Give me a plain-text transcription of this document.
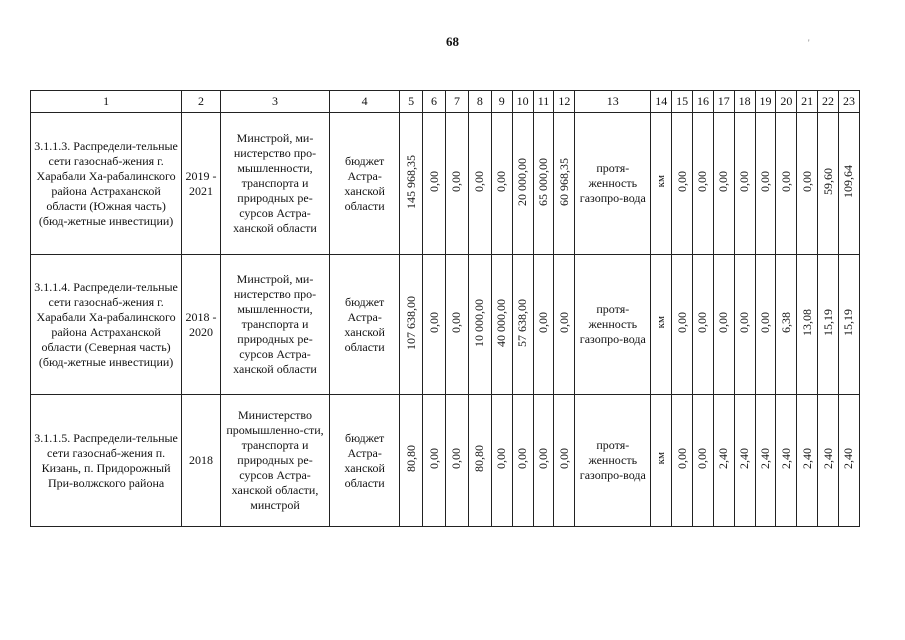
68	'
1	2	3	4	5	6	7	8	9	10	11	12	13	14	15	16	17	18	19	20	21	22	23
3.1.1.3. Распредели-тельные сети газоснаб-жения г. Харабали Ха-рабалинского района Астраханской области (Южная часть) (бюд-жетные инвестиции)	2019 - 2021	Минстрой, ми-нистерство про-мышленности, транспорта и природных ре-сурсов Астра-ханской области	бюджет Астра-ханской области	145 968,35	0,00	0,00	0,00	0,00	20 000,00	65 000,00	60 968,35	протя-женность газопро-вода	км	0,00	0,00	0,00	0,00	0,00	0,00	0,00	59,60	109,64
3.1.1.4. Распредели-тельные сети газоснаб-жения г. Харабали Ха-рабалинского района Астраханской области (Северная часть) (бюд-жетные инвестиции)	2018 - 2020	Минстрой, ми-нистерство про-мышленности, транспорта и природных ре-сурсов Астра-ханской области	бюджет Астра-ханской области	107 638,00	0,00	0,00	10 000,00	40 000,00	57 638,00	0,00	0,00	протя-женность газопро-вода	км	0,00	0,00	0,00	0,00	0,00	6,38	13,08	15,19	15,19
3.1.1.5. Распредели-тельные сети газоснаб-жения п. Кизань, п. Придорожный При-волжского района	2018	Министерство промышленно-сти, транспорта и природных ре-сурсов Астра-ханской области, минстрой	бюджет Астра-ханской области	80,80	0,00	0,00	80,80	0,00	0,00	0,00	0,00	протя-женность газопро-вода	км	0,00	0,00	2,40	2,40	2,40	2,40	2,40	2,40	2,40
